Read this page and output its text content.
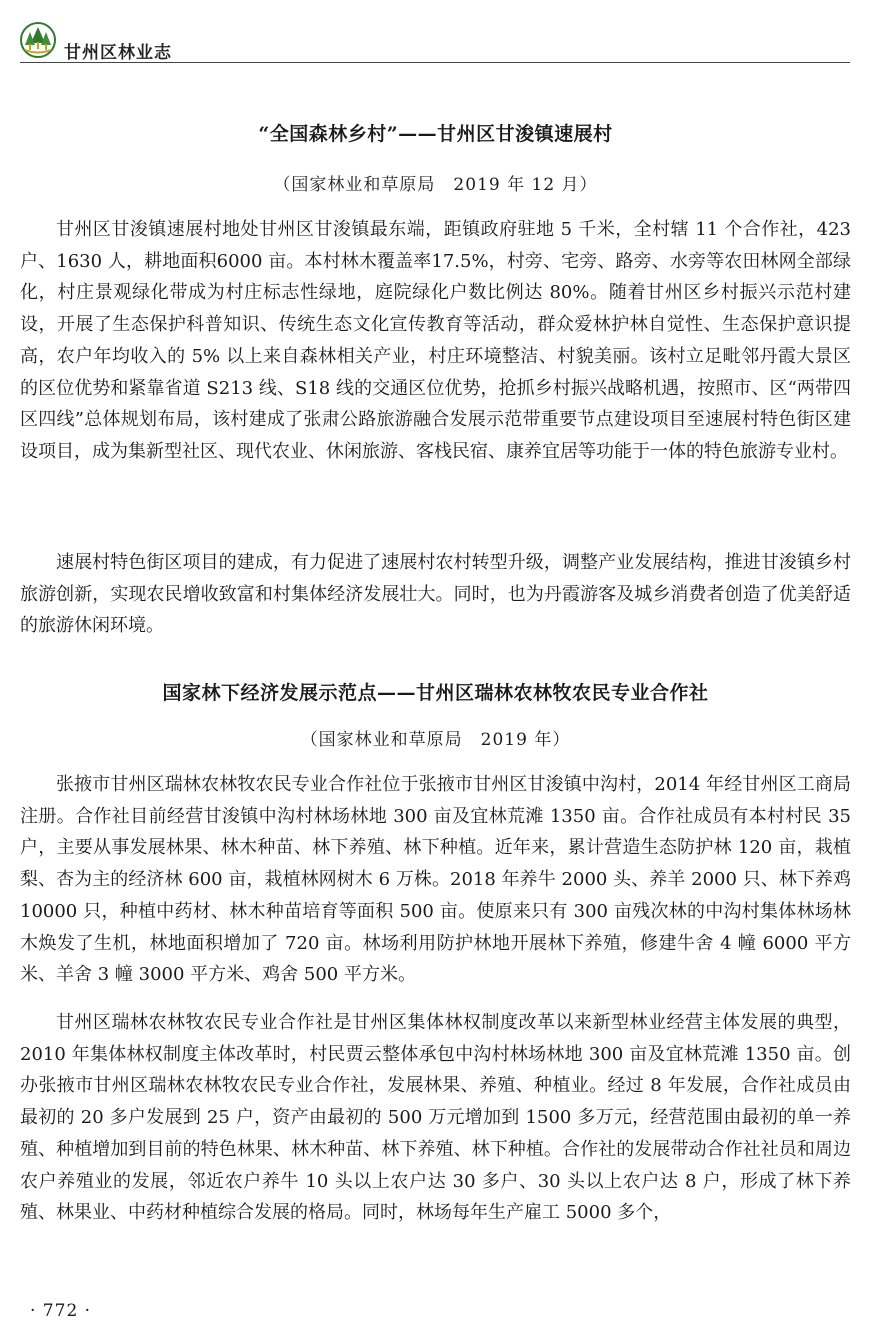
甘州区林业志
“全国森林乡村”——甘州区甘浚镇速展村
（国家林业和草原局　2019 年 12 月）

甘州区甘浚镇速展村地处甘州区甘浚镇最东端，距镇政府驻地 5 千米，全村辖 11 个合作社，423 户、1630 人，耕地面积6000 亩。本村林木覆盖率17.5%，村旁、宅旁、路旁、水旁等农田林网全部绿化，村庄景观绿化带成为村庄标志性绿地，庭院绿化户数比例达 80%。随着甘州区乡村振兴示范村建设，开展了生态保护科普知识、传统生态文化宣传教育等活动，群众爱林护林自觉性、生态保护意识提高，农户年均收入的 5% 以上来自森林相关产业，村庄环境整洁、村貌美丽。该村立足毗邻丹霞大景区的区位优势和紧靠省道 S213 线、S18 线的交通区位优势，抢抓乡村振兴战略机遇，按照市、区“两带四区四线”总体规划布局，该村建成了张肃公路旅游融合发展示范带重要节点建设项目至速展村特色街区建设项目，成为集新型社区、现代农业、休闲旅游、客栈民宿、康养宜居等功能于一体的特色旅游专业村。

速展村特色街区项目的建成，有力促进了速展村农村转型升级，调整产业发展结构，推进甘浚镇乡村旅游创新，实现农民增收致富和村集体经济发展壮大。同时，也为丹霞游客及城乡消费者创造了优美舒适的旅游休闲环境。

国家林下经济发展示范点——甘州区瑞林农林牧农民专业合作社
（国家林业和草原局　2019 年）

张掖市甘州区瑞林农林牧农民专业合作社位于张掖市甘州区甘浚镇中沟村，2014 年经甘州区工商局注册。合作社目前经营甘浚镇中沟村林场林地 300 亩及宜林荒滩 1350 亩。合作社成员有本村村民 35 户，主要从事发展林果、林木种苗、林下养殖、林下种植。近年来，累计营造生态防护林 120 亩，栽植梨、杏为主的经济林 600 亩，栽植林网树木 6 万株。2018 年养牛 2000 头、养羊 2000 只、林下养鸡 10000 只，种植中药材、林木种苗培育等面积 500 亩。使原来只有 300 亩残次林的中沟村集体林场林木焕发了生机，林地面积增加了 720 亩。林场利用防护林地开展林下养殖，修建牛舍 4 幢 6000 平方米、羊舍 3 幢 3000 平方米、鸡舍 500 平方米。

甘州区瑞林农林牧农民专业合作社是甘州区集体林权制度改革以来新型林业经营主体发展的典型，2010 年集体林权制度主体改革时，村民贾云整体承包中沟村林场林地 300 亩及宜林荒滩 1350 亩。创办张掖市甘州区瑞林农林牧农民专业合作社，发展林果、养殖、种植业。经过 8 年发展，合作社成员由最初的 20 多户发展到 25 户，资产由最初的 500 万元增加到 1500 多万元，经营范围由最初的单一养殖、种植增加到目前的特色林果、林木种苗、林下养殖、林下种植。合作社的发展带动合作社社员和周边农户养殖业的发展，邻近农户养牛 10 头以上农户达 30 多户、30 头以上农户达 8 户，形成了林下养殖、林果业、中药材种植综合发展的格局。同时，林场每年生产雇工 5000 多个，

· 772 ·
